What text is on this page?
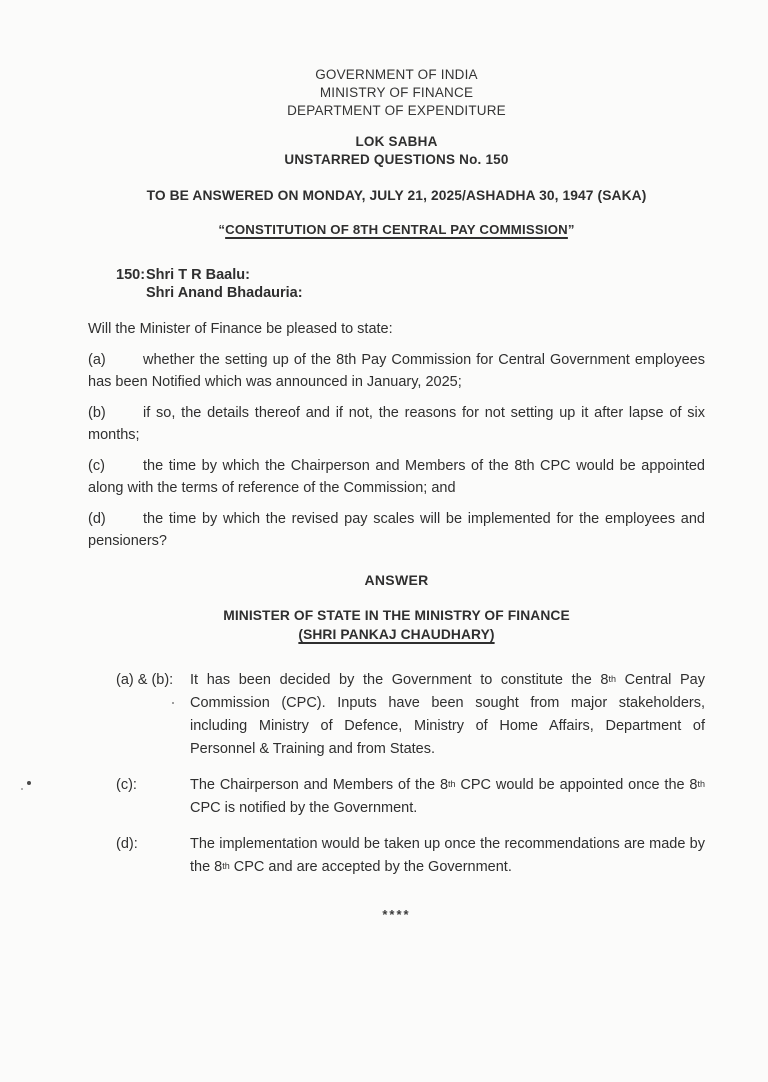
GOVERNMENT OF INDIA
MINISTRY OF FINANCE
DEPARTMENT OF EXPENDITURE
LOK SABHA
UNSTARRED QUESTIONS No. 150
TO BE ANSWERED ON MONDAY, JULY 21, 2025/ASHADHA 30, 1947 (SAKA)
“CONSTITUTION OF 8TH CENTRAL PAY COMMISSION”
150: Shri T R Baalu:
Shri Anand Bhadauria:

Will the Minister of Finance be pleased to state:

(a)	whether the setting up of the 8th Pay Commission for Central Government employees has been Notified which was announced in January, 2025;

(b)	if so, the details thereof and if not, the reasons for not setting up it after lapse of six months;

(c)	the time by which the Chairperson and Members of the 8th CPC would be appointed along with the terms of reference of the Commission; and

(d)	the time by which the revised pay scales will be implemented for the employees and pensioners?

ANSWER
MINISTER OF STATE IN THE MINISTRY OF FINANCE
(SHRI PANKAJ CHAUDHARY)
(a) & (b):	It has been decided by the Government to constitute the 8th Central Pay Commission (CPC). Inputs have been sought from major stakeholders, including Ministry of Defence, Ministry of Home Affairs, Department of Personnel & Training and from States.
(c):	The Chairperson and Members of the 8th CPC would be appointed once the 8th CPC is notified by the Government.
(d):	The implementation would be taken up once the recommendations are made by the 8th CPC and are accepted by the Government.
****
